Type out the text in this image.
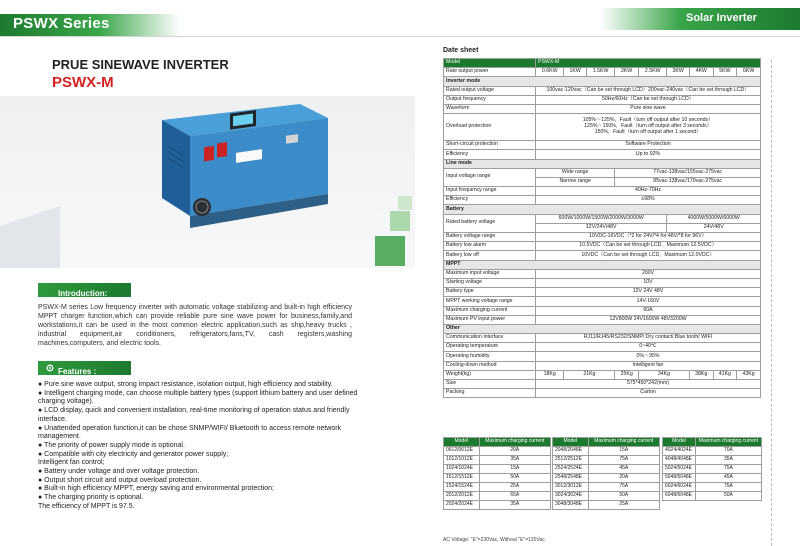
PSWX Series	Solar Inverter
PRUE SINEWAVE INVERTER
PSWX-M
Introduction:
PSWX-M series Low frequency inverter with automatic voltage stabilizing and built-in high efficiency MPPT charger function,which can provide reliable pure sine wave power for business,family,and workstations,it can be used in the most common electric application,such as ship,heavy trucks , industrial equipment,air conditioners, refrigerators,fans,TV, cash registers,washing machines,computers, and electric tools.
Features :
● Pure sine wave output, strong impact resistance, isolation output, high efficiency and stability.
● Intelligent charging mode, can choose multiple battery types (support lithium battery and user defined charging voltage).
● LCD display, quick and convenient installation, real-time monitoring of operation status and friendly interface.
● Unattended operation function,it can be chose SNMP/WIFI/ Bluetooth to access remote network management.
● The priority of power supply mode is optional.
● Compatible with city electricity and generator power supply;
Intelligent fan control;
● Battery under voltage and over voltage protection.
● Output short circuit and output overload protection.
● Built-in high efficiency MPPT, energy saving and environmental protection;
● The charging priority is optional.
The efficiency of MPPT is 97.5.
Date sheet
Model	PSWX-M								
Rate output power	0.6KW	1KW	1.5KW	2KW	2.5KW	3KW	4KW	5KW	6KW
Inverter mode									
Rated output voltage	100vac-120vac（Can be set through LCD）200vac-240vac（Can be set through LCD）								
Output frequency	50Hz/60Hz（Can be set through LCD）								
Waveform	Pure sine wave								
Overload protection	105%～125%，Fault（turn off output after 10 seconds）
125%～150%，Fault（turn off output after 3 seconds）
150%，Fault（turn off output after 1 second）								

Short-circuit protection	Software Protection								
Efficiency	Up to 92%								
Line mode									
Input voltage range	Wide range			77vac-138vac/155vac-275vac					
	Narrow range			85vac-138vac/170vac-275vac					
Input frequency range	40Hz-70Hz								
Efficiency	≥98%								
Battery									
Rated battery voltage	600W/1000W/1500W/2000W/3000W					4000W/5000W/6000W			
	12V/24V/48V					24V/48V			
Battery voltage range	10VDC-16VDC（*2 for 24V/*4 for 48V/*8 for 96V）								
Battery low alarm	10.5VDC（Can be set through LCD，Maximum 12.5VDC）								
Battery low off	10VDC（Can be set through LCD，Maximum 12.0VDC）								
MPPT									
Maximum input voltage	200V								
Starting voltage	10V								
Battery type	12V 24V 48V								
MPPT working voltage range	14V-160V								
Maximum charging current	60A								
Maximum PV input power	12V800W 24V1600W 48V3200W								
Other									
Communication interface	RJ11/RJ45/RS232/SNMP/ Dry contact/ Blue tooth/ WIFI								
Operating temperature	0~40℃								
Operating humidity	0%～95%								
Cooling-down method	Intelligent fan								
Weight(kg)	18Kg	21Kg		25Kg	34Kg		38Kg	41Kg	43Kg
Size	575*450*242(mm)								
Packing	Carton								
Model	Maximum charging current
0612/0612E	20A
1012/1012E	35A
1024/1024E	15A
1512/1512E	50A
1524/1524E	25A
2012/2012E	65A
2024/2024E	35A
Model	Maximum charging current
2048/2048E	15A
2512/2512E	75A
2524/2524E	45A
2548/2548E	20A
3012/3012E	75A
3024/3024E	50A
3048/3048E	25A
Model	Maximum charging current
4024/4024E	70A
4048/4048E	35A
5024/5024E	75A
5048/5048E	45A
6024/6024E	75A
6048/6048E	50A
AC Voltage: "E"=230Vac, Without "E"=120Vac
